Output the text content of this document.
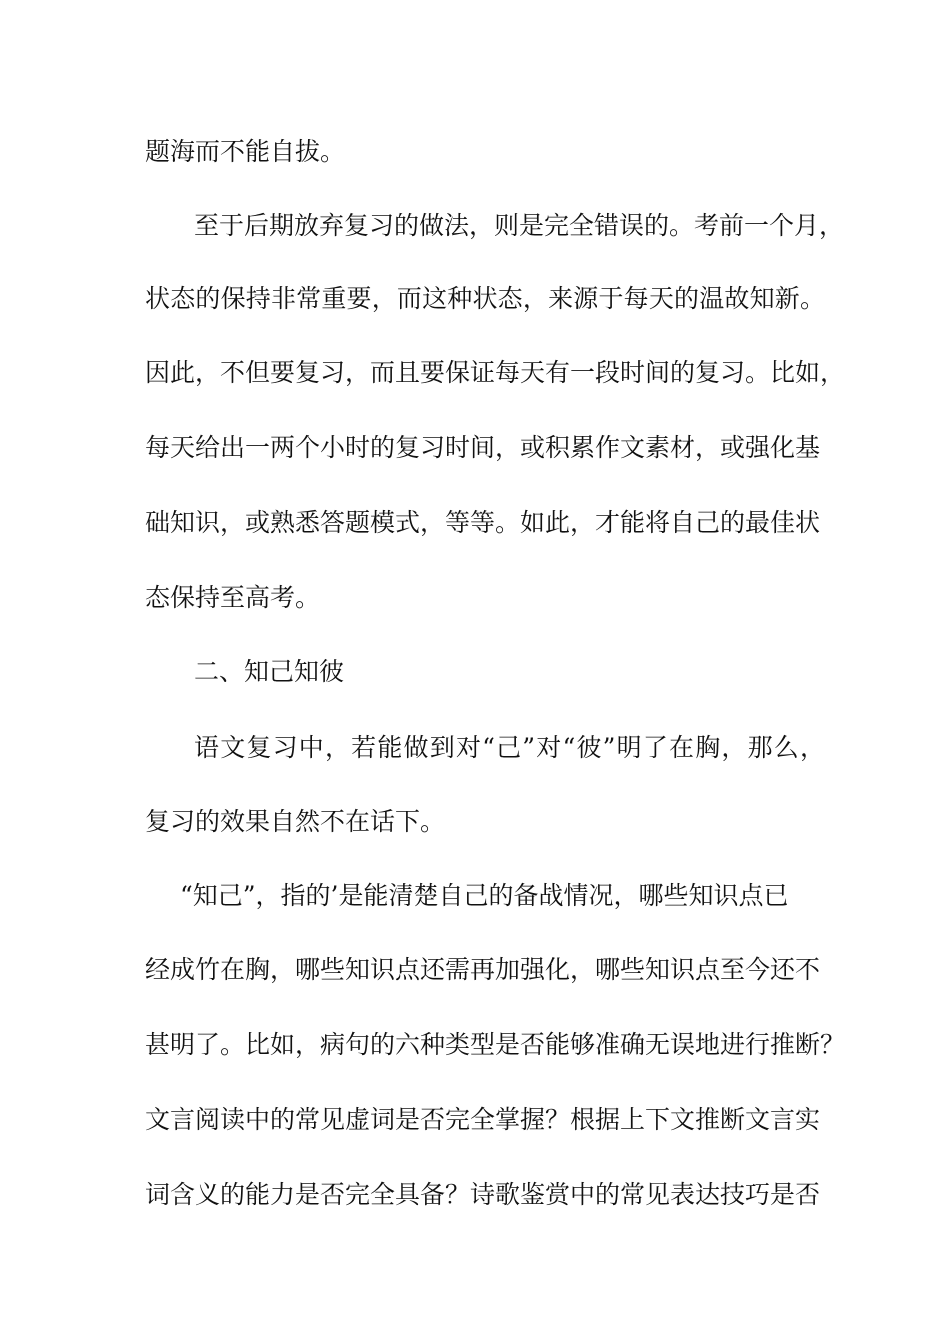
题海而不能自拔。
至于后期放弃复习的做法，则是完全错误的。考前一个月，
状态的保持非常重要，而这种状态，来源于每天的温故知新。
因此，不但要复习，而且要保证每天有一段时间的复习。比如，
每天给出一两个小时的复习时间，或积累作文素材，或强化基
础知识，或熟悉答题模式，等等。如此，才能将自己的最佳状
态保持至高考。
二、知己知彼
语文复习中，若能做到对“己”对“彼”明了在胸，那么，
复习的效果自然不在话下。
“知己”，指的’是能清楚自己的备战情况，哪些知识点已
经成竹在胸，哪些知识点还需再加强化，哪些知识点至今还不
甚明了。比如，病句的六种类型是否能够准确无误地进行推断？
文言阅读中的常见虚词是否完全掌握？根据上下文推断文言实
词含义的能力是否完全具备？诗歌鉴赏中的常见表达技巧是否
